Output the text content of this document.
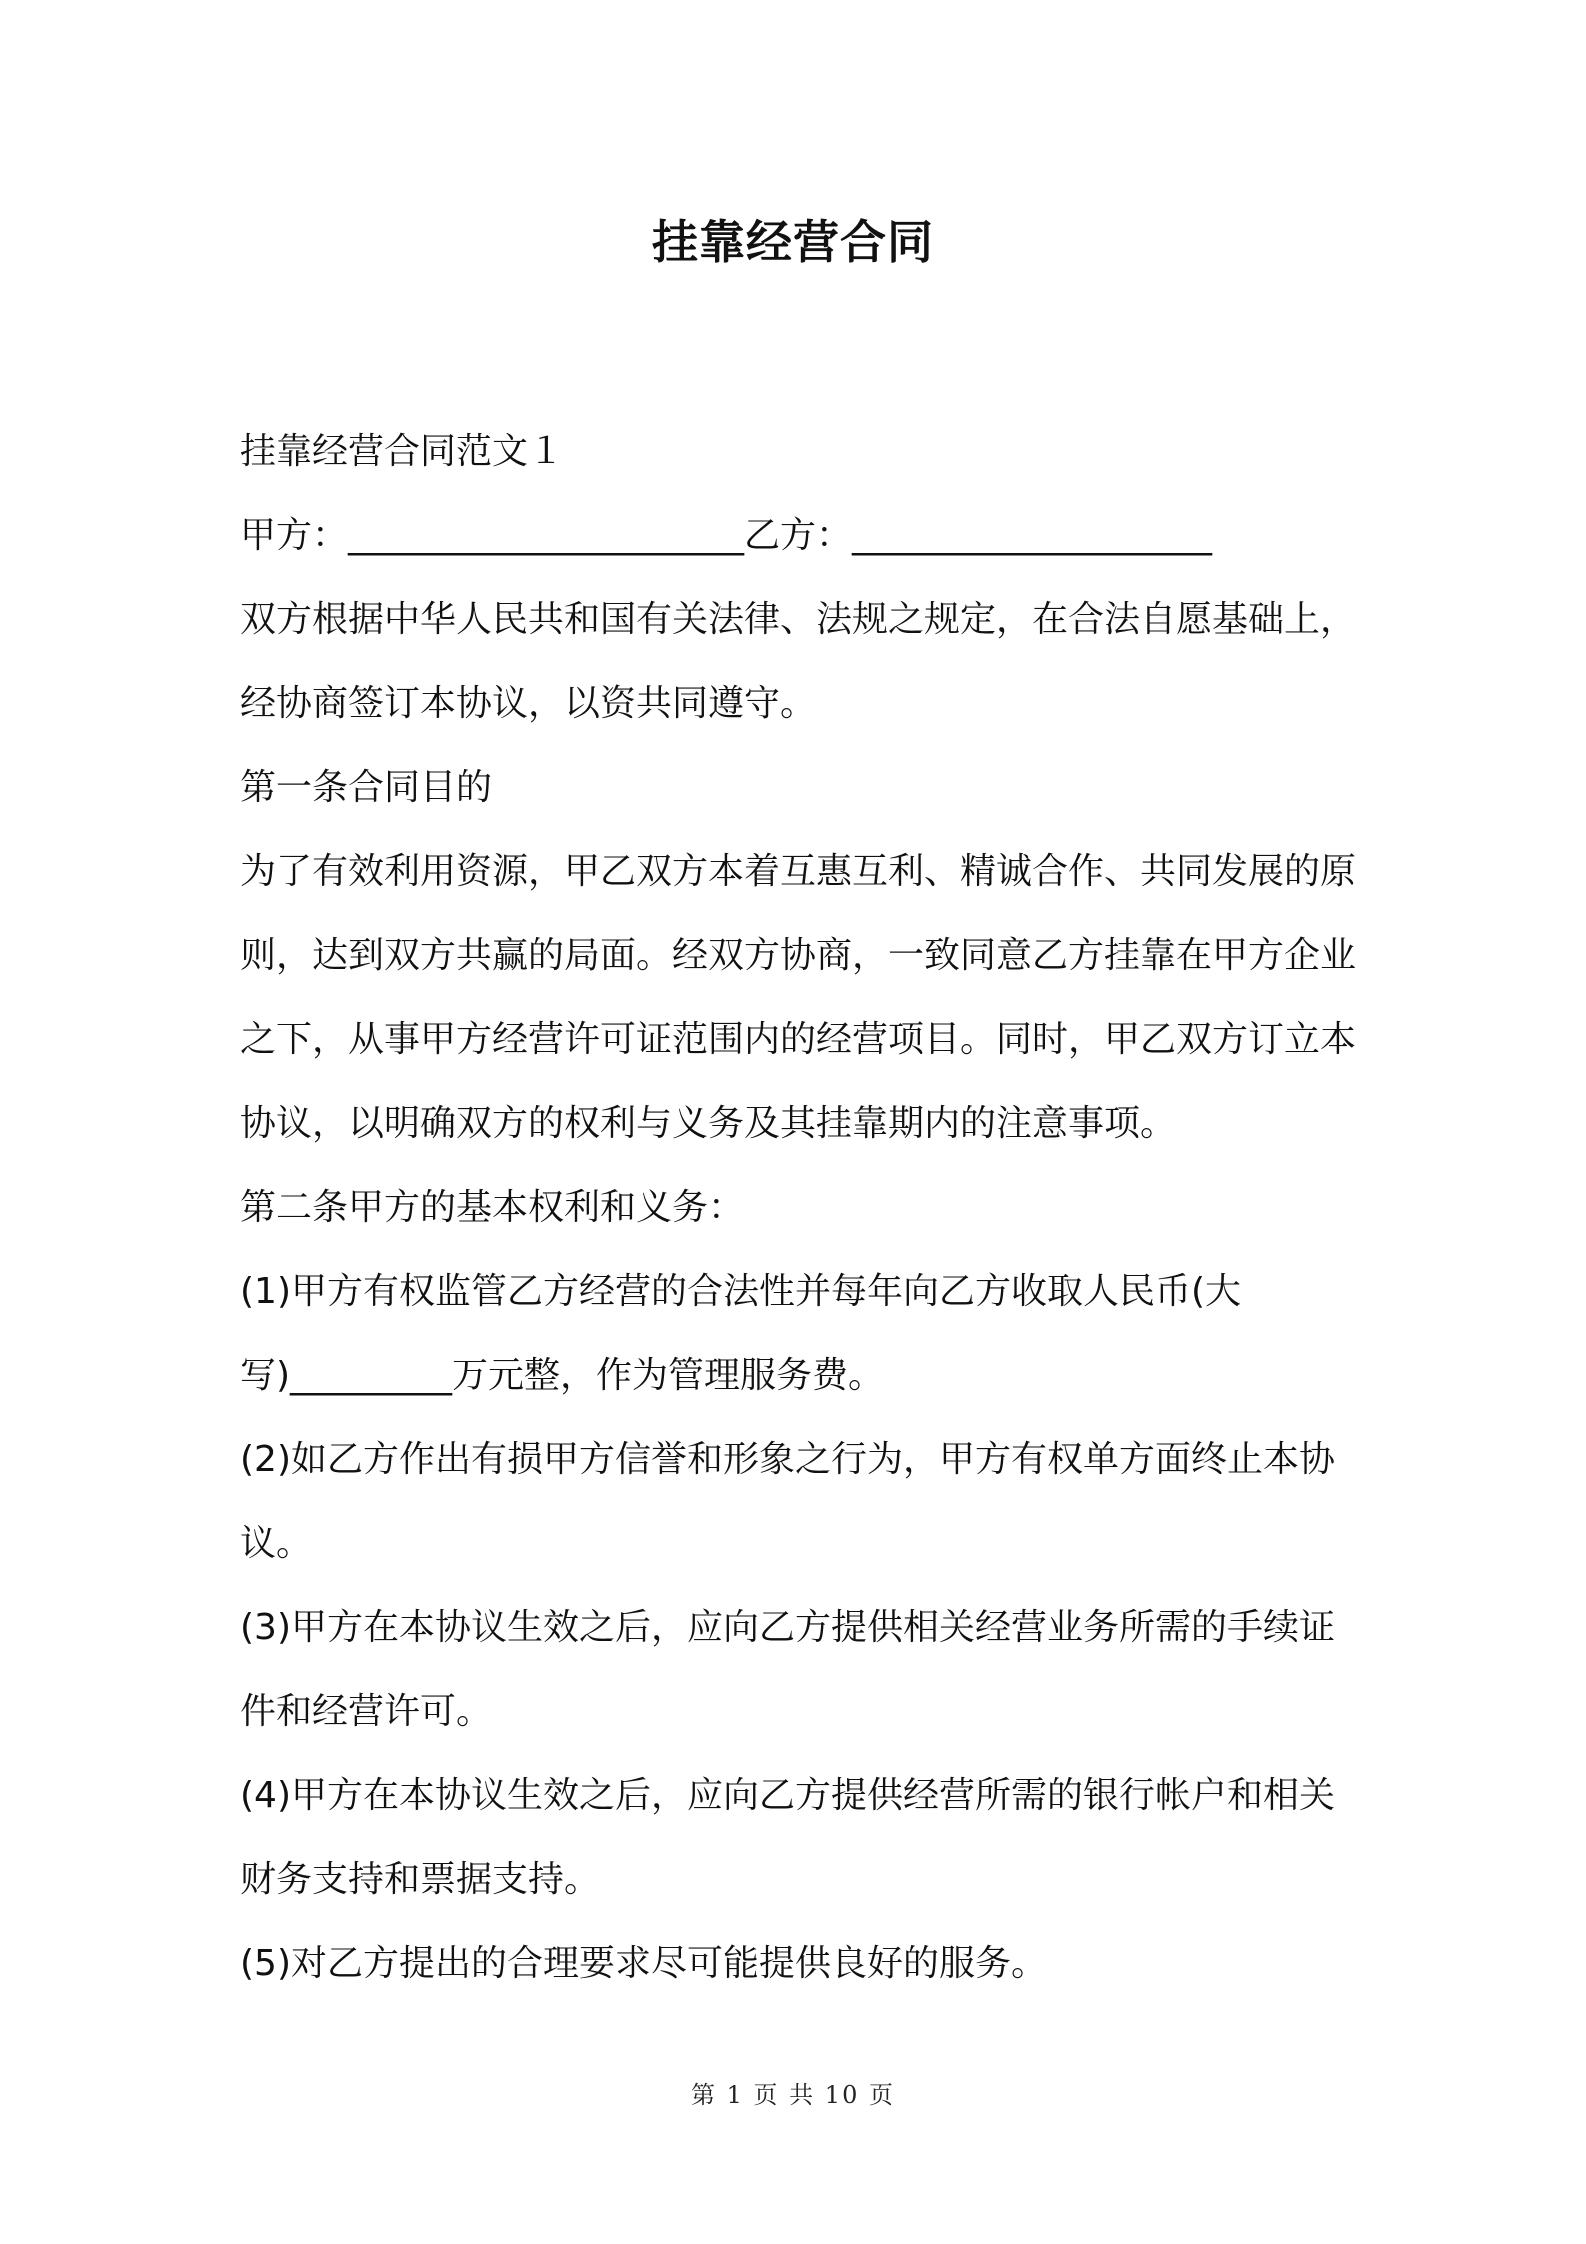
挂靠经营合同

挂靠经营合同范文１

甲方：______________________乙方：____________________

双方根据中华人民共和国有关法律、法规之规定，在合法自愿基础上，经协商签订本协议，以资共同遵守。

第一条合同目的

为了有效利用资源，甲乙双方本着互惠互利、精诚合作、共同发展的原则，达到双方共赢的局面。经双方协商，一致同意乙方挂靠在甲方企业之下，从事甲方经营许可证范围内的经营项目。同时，甲乙双方订立本协议，以明确双方的权利与义务及其挂靠期内的注意事项。

第二条甲方的基本权利和义务：

(1)甲方有权监管乙方经营的合法性并每年向乙方收取人民币(大写)_________万元整，作为管理服务费。

(2)如乙方作出有损甲方信誉和形象之行为，甲方有权单方面终止本协议。

(3)甲方在本协议生效之后，应向乙方提供相关经营业务所需的手续证件和经营许可。

(4)甲方在本协议生效之后，应向乙方提供经营所需的银行帐户和相关财务支持和票据支持。

(5)对乙方提出的合理要求尽可能提供良好的服务。

第 1 页 共 10 页
